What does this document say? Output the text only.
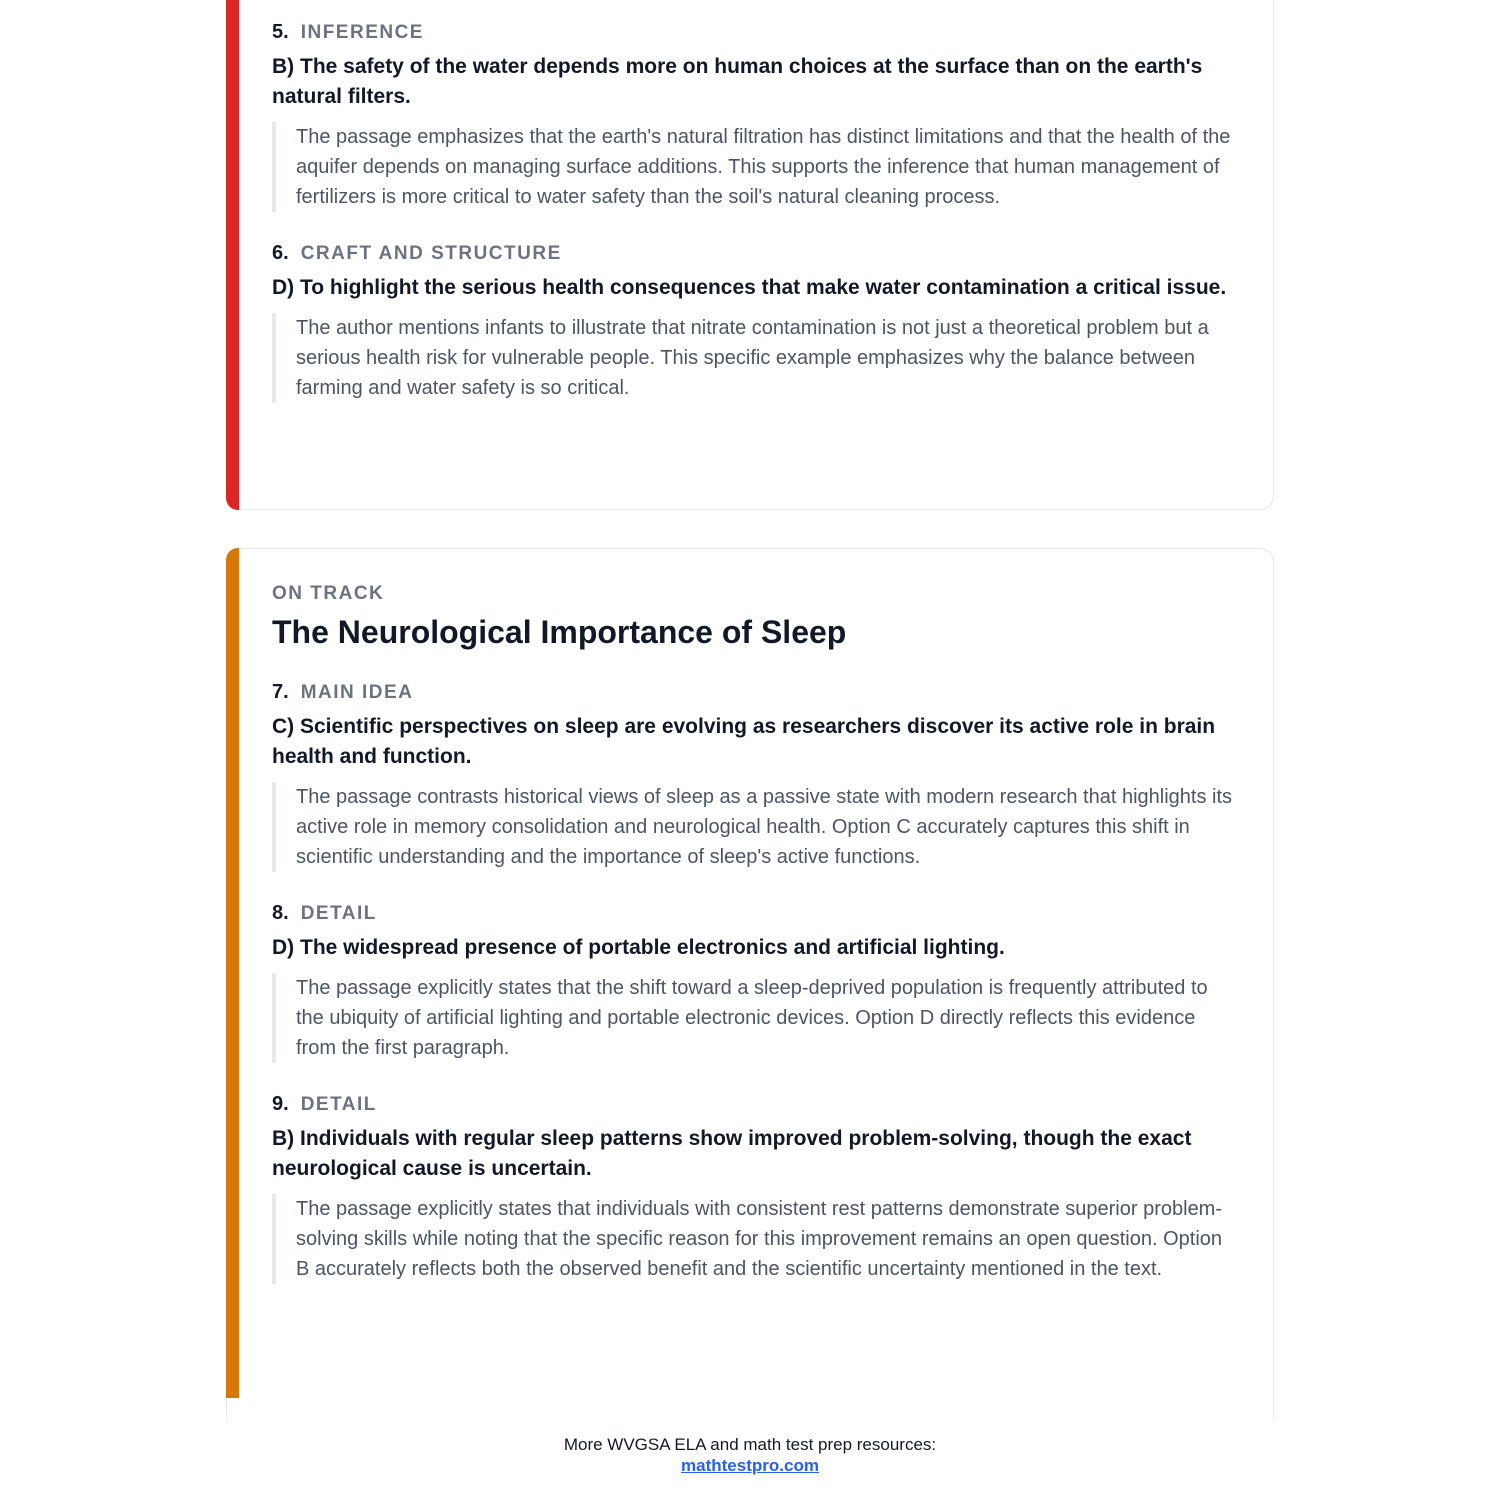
5. INFERENCE

B) The safety of the water depends more on human choices at the surface than on the earth's natural filters.

The passage emphasizes that the earth's natural filtration has distinct limitations and that the health of the aquifer depends on managing surface additions. This supports the inference that human management of fertilizers is more critical to water safety than the soil's natural cleaning process.

6. CRAFT AND STRUCTURE

D) To highlight the serious health consequences that make water contamination a critical issue.

The author mentions infants to illustrate that nitrate contamination is not just a theoretical problem but a serious health risk for vulnerable people. This specific example emphasizes why the balance between farming and water safety is so critical.

ON TRACK
The Neurological Importance of Sleep
7. MAIN IDEA

C) Scientific perspectives on sleep are evolving as researchers discover its active role in brain health and function.

The passage contrasts historical views of sleep as a passive state with modern research that highlights its active role in memory consolidation and neurological health. Option C accurately captures this shift in scientific understanding and the importance of sleep's active functions.

8. DETAIL

D) The widespread presence of portable electronics and artificial lighting.

The passage explicitly states that the shift toward a sleep-deprived population is frequently attributed to the ubiquity of artificial lighting and portable electronic devices. Option D directly reflects this evidence from the first paragraph.

9. DETAIL

B) Individuals with regular sleep patterns show improved problem-solving, though the exact neurological cause is uncertain.

The passage explicitly states that individuals with consistent rest patterns demonstrate superior problem-solving skills while noting that the specific reason for this improvement remains an open question. Option B accurately reflects both the observed benefit and the scientific uncertainty mentioned in the text.

More WVGSA ELA and math test prep resources:
mathtestpro.com
